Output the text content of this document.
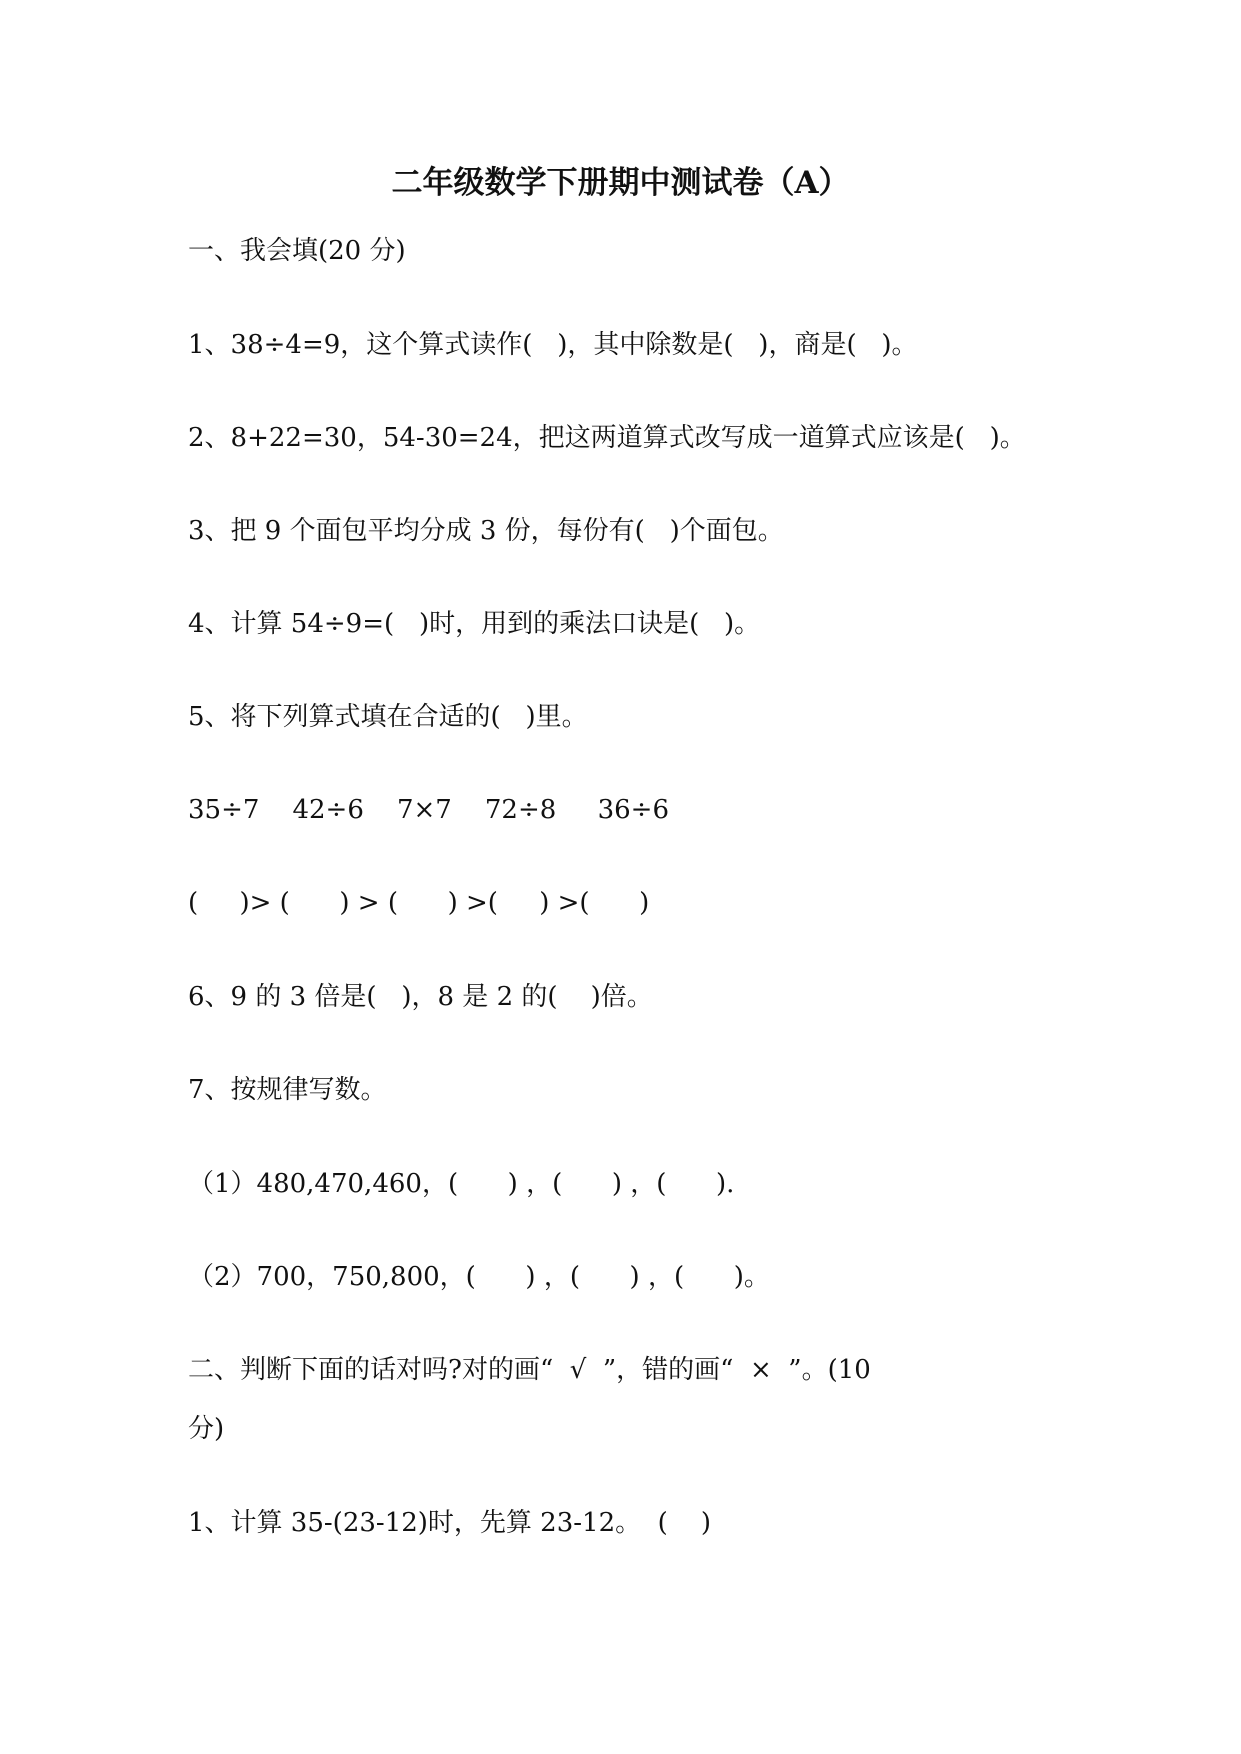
二年级数学下册期中测试卷（A）
一、我会填(20 分)
1、38÷4=9，这个算式读作(   )，其中除数是(   )，商是(   )。
2、8+22=30，54-30=24，把这两道算式改写成一道算式应该是(   )。
3、把 9 个面包平均分成 3 份，每份有(   )个面包。
4、计算 54÷9=(   )时，用到的乘法口诀是(   )。
5、将下列算式填在合适的(   )里。
35÷7    42÷6    7×7    72÷8     36÷6
(     )> (      ) > (      ) >(     ) >(      )
6、9 的 3 倍是(   )，8 是 2 的(    )倍。
7、按规律写数。
（1）480,470,460，(      ) ，(      ) ，(      ).
（2）700，750,800，(      ) ，(      ) ，(      )。
二、判断下面的话对吗?对的画“  √  ”，错的画“  ×  ”。(10
分)
1、计算 35-(23-12)时，先算 23-12。  (    )
